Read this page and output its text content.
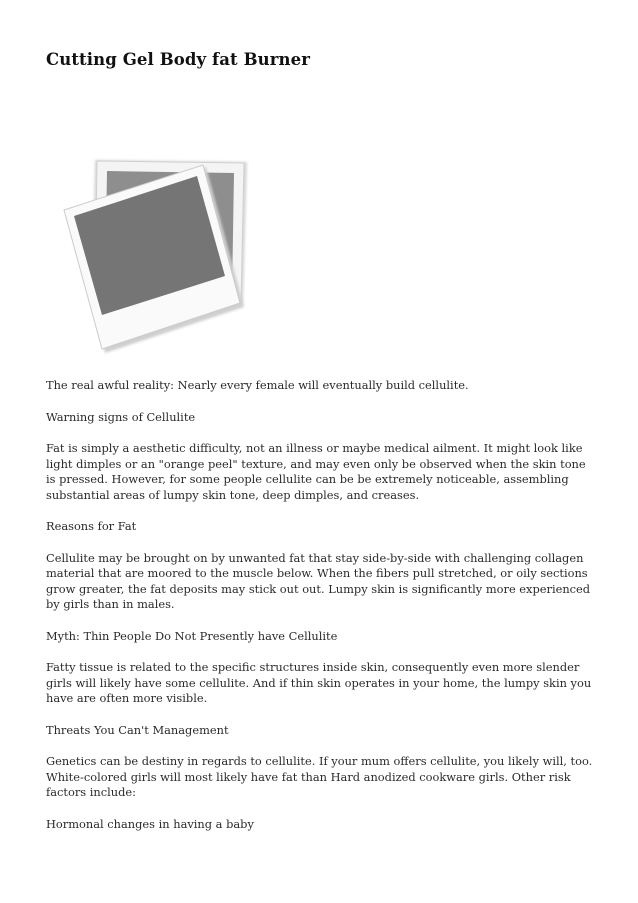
Cutting Gel Body fat Burner

The real awful reality: Nearly every female will eventually build cellulite.

Warning signs of Cellulite

Fat is simply a aesthetic difficulty, not an illness or maybe medical ailment. It might look like light dimples or an "orange peel" texture, and may even only be observed when the skin tone is pressed. However, for some people cellulite can be be extremely noticeable, assembling substantial areas of lumpy skin tone, deep dimples, and creases.

Reasons for Fat

Cellulite may be brought on by unwanted fat that stay side-by-side with challenging collagen material that are moored to the muscle below. When the fibers pull stretched, or oily sections grow greater, the fat deposits may stick out out. Lumpy skin is significantly more experienced by girls than in males.

Myth: Thin People Do Not Presently have Cellulite

Fatty tissue is related to the specific structures inside skin, consequently even more slender girls will likely have some cellulite. And if thin skin operates in your home, the lumpy skin you have are often more visible.

Threats You Can't Management

Genetics can be destiny in regards to cellulite. If your mum offers cellulite, you likely will, too. White-colored girls will most likely have fat than Hard anodized cookware girls. Other risk factors include:

Hormonal changes in having a baby
